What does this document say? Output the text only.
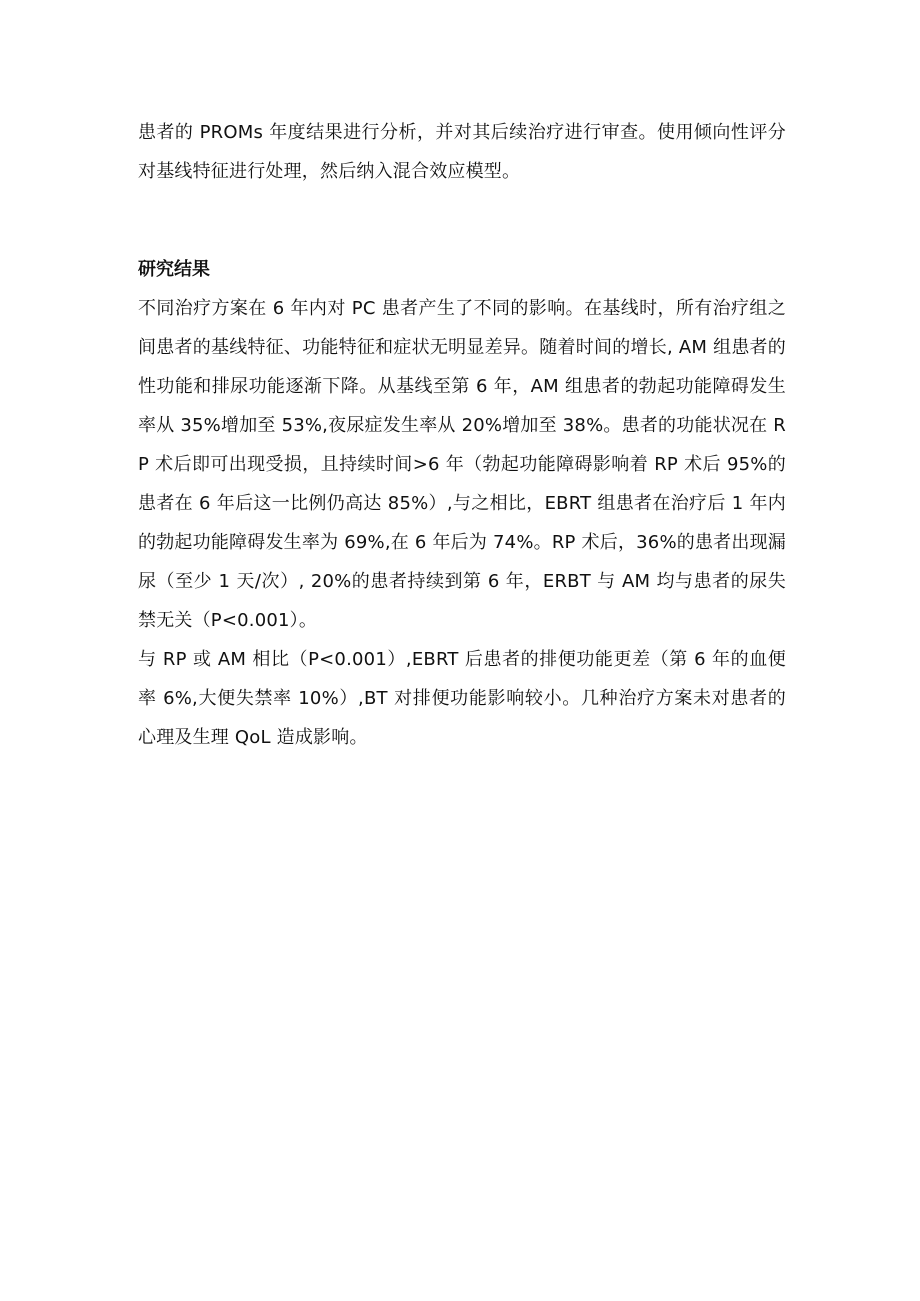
患者的 PROMs 年度结果进行分析，并对其后续治疗进行审查。使用倾向性评分对基线特征进行处理，然后纳入混合效应模型。

研究结果

不同治疗方案在 6 年内对 PC 患者产生了不同的影响。在基线时，所有治疗组之间患者的基线特征、功能特征和症状无明显差异。随着时间的增长, AM 组患者的性功能和排尿功能逐渐下降。从基线至第 6 年，AM 组患者的勃起功能障碍发生率从 35%增加至 53%,夜尿症发生率从 20%增加至 38%。患者的功能状况在 RP 术后即可出现受损，且持续时间>6 年（勃起功能障碍影响着 RP 术后 95%的患者在 6 年后这一比例仍高达 85%）,与之相比，EBRT 组患者在治疗后 1 年内的勃起功能障碍发生率为 69%,在 6 年后为 74%。RP 术后，36%的患者出现漏尿（至少 1 天/次）, 20%的患者持续到第 6 年，ERBT 与 AM 均与患者的尿失禁无关（P<0.001）。

与 RP 或 AM 相比（P<0.001）,EBRT 后患者的排便功能更差（第 6 年的血便率 6%,大便失禁率 10%）,BT 对排便功能影响较小。几种治疗方案未对患者的心理及生理 QoL 造成影响。
